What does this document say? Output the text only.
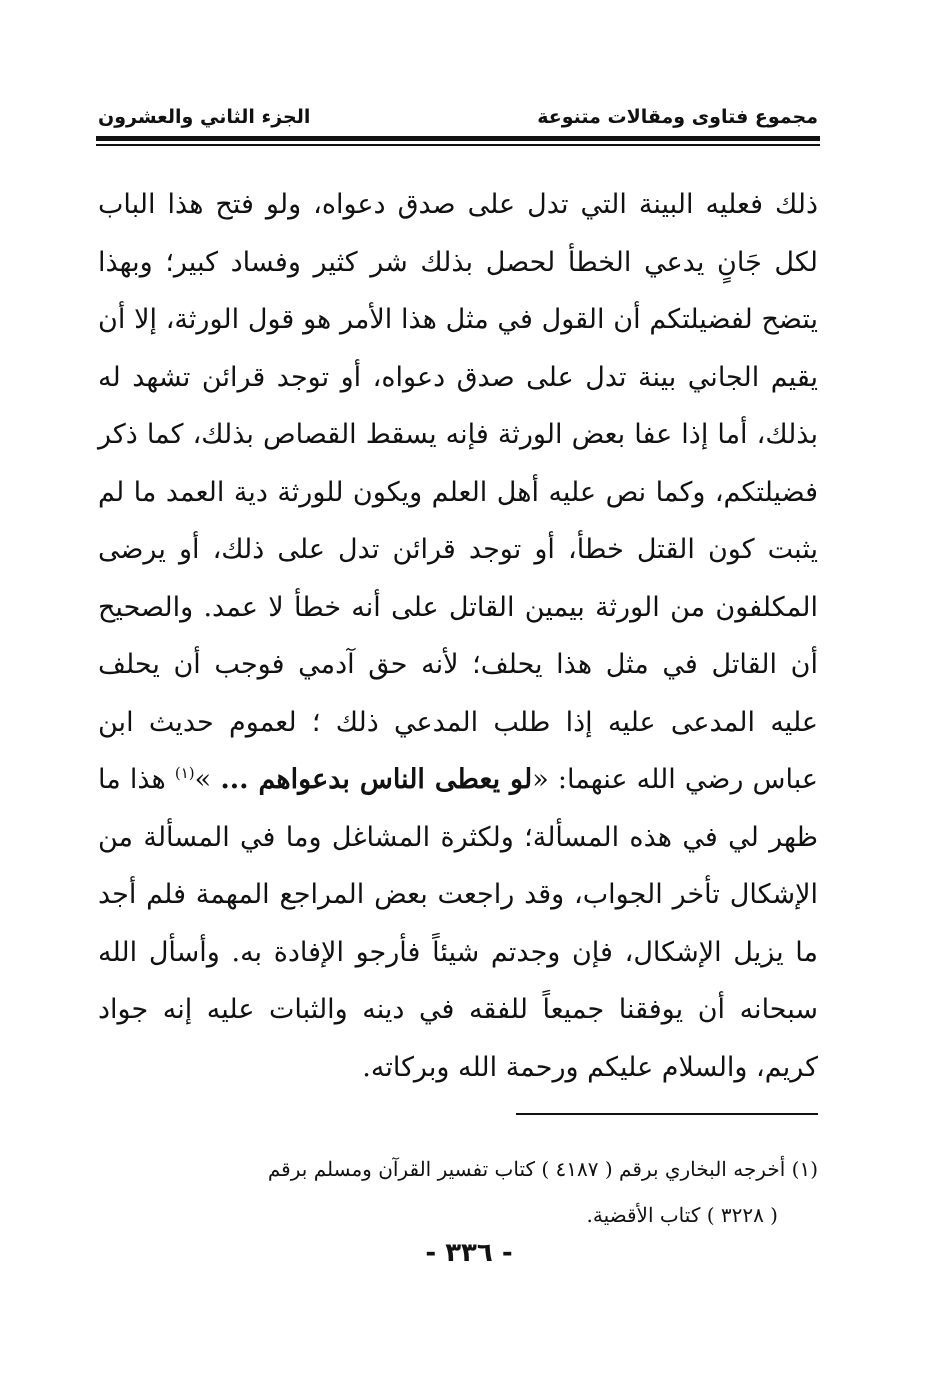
مجموع فتاوى ومقالات متنوعة
الجزء الثاني والعشرون
ذلك فعليه البينة التي تدل على صدق دعواه، ولو فتح هذا الباب لكل جَانٍ يدعي الخطأ لحصل بذلك شر كثير وفساد كبير؛ وبهذا يتضح لفضيلتكم أن القول في مثل هذا الأمر هو قول الورثة، إلا أن يقيم الجاني بينة تدل على صدق دعواه، أو توجد قرائن تشهد له بذلك، أما إذا عفا بعض الورثة فإنه يسقط القصاص بذلك، كما ذكر فضيلتكم، وكما نص عليه أهل العلم ويكون للورثة دية العمد ما لم يثبت كون القتل خطأ، أو توجد قرائن تدل على ذلك، أو يرضى المكلفون من الورثة بيمين القاتل على أنه خطأ لا عمد. والصحيح أن القاتل في مثل هذا يحلف؛ لأنه حق آدمي فوجب أن يحلف عليه المدعى عليه إذا طلب المدعي ذلك ؛ لعموم حديث ابن عباس رضي الله عنهما: «لو يعطى الناس بدعواهم ... »$^{(١)}$ هذا ما ظهر لي في هذه المسألة؛ ولكثرة المشاغل وما في المسألة من الإشكال تأخر الجواب، وقد راجعت بعض المراجع المهمة فلم أجد ما يزيل الإشكال، فإن وجدتم شيئاً فأرجو الإفادة به. وأسأل الله سبحانه أن يوفقنا جميعاً للفقه في دينه والثبات عليه إنه جواد كريم، والسلام عليكم ورحمة الله وبركاته.
(١) أخرجه البخاري برقم ( ٤١٨٧ ) كتاب تفسير القرآن ومسلم برقم
( ٣٢٢٨ ) كتاب الأقضية.
- ٣٣٦ -
